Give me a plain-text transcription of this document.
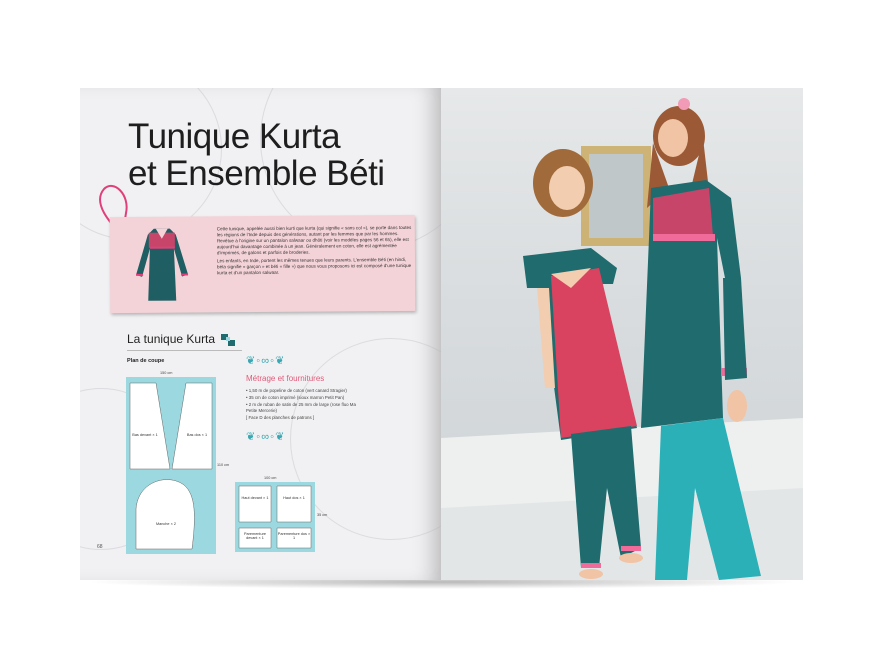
Tunique Kurta
et Ensemble Béti

Cette tunique, appelée aussi bien kurti que kurta (qui signifie « sans col »), se porte dans toutes les régions de l'Inde depuis des générations, autant par les femmes que par les hommes. Revêtue à l'origine sur un pantalon salwaar ou dhôti (voir les modèles pages 56 et 65), elle est aujourd'hui davantage combinée à un jean. Généralement en coton, elle est agrémentée d'imprimés, de galons et parfois de broderies.

Les enfants, en Inde, portent les mêmes tenues que leurs parents. L'ensemble Béti (en hindi, béta signifie « garçon » et béti « fille ») que nous vous proposons ici est composé d'une tunique kurta et d'un pantalon salwaar.

La tunique Kurta
Plan de coupe
Bas devant × 1	Bas dos × 1
Manche × 2
150 cm
110 cm
❦ ◦ ∞ ◦ ❦
Métrage et fournitures
• 1,50 m de popeline de coton (vert canard Stragier)
• 35 cm de coton imprimé (sioux marron Petit Pan)
• 2 m de ruban de satin de 25 mm de large (rose fluo Ma Petite Mercerie)
[ Face D des planches de patrons ]
❦ ◦ ∞ ◦ ❦
Haut devant × 1	Haut dos × 1
Parementure devant × 1
Parementure dos × 1
100 cm
35 cm
68
